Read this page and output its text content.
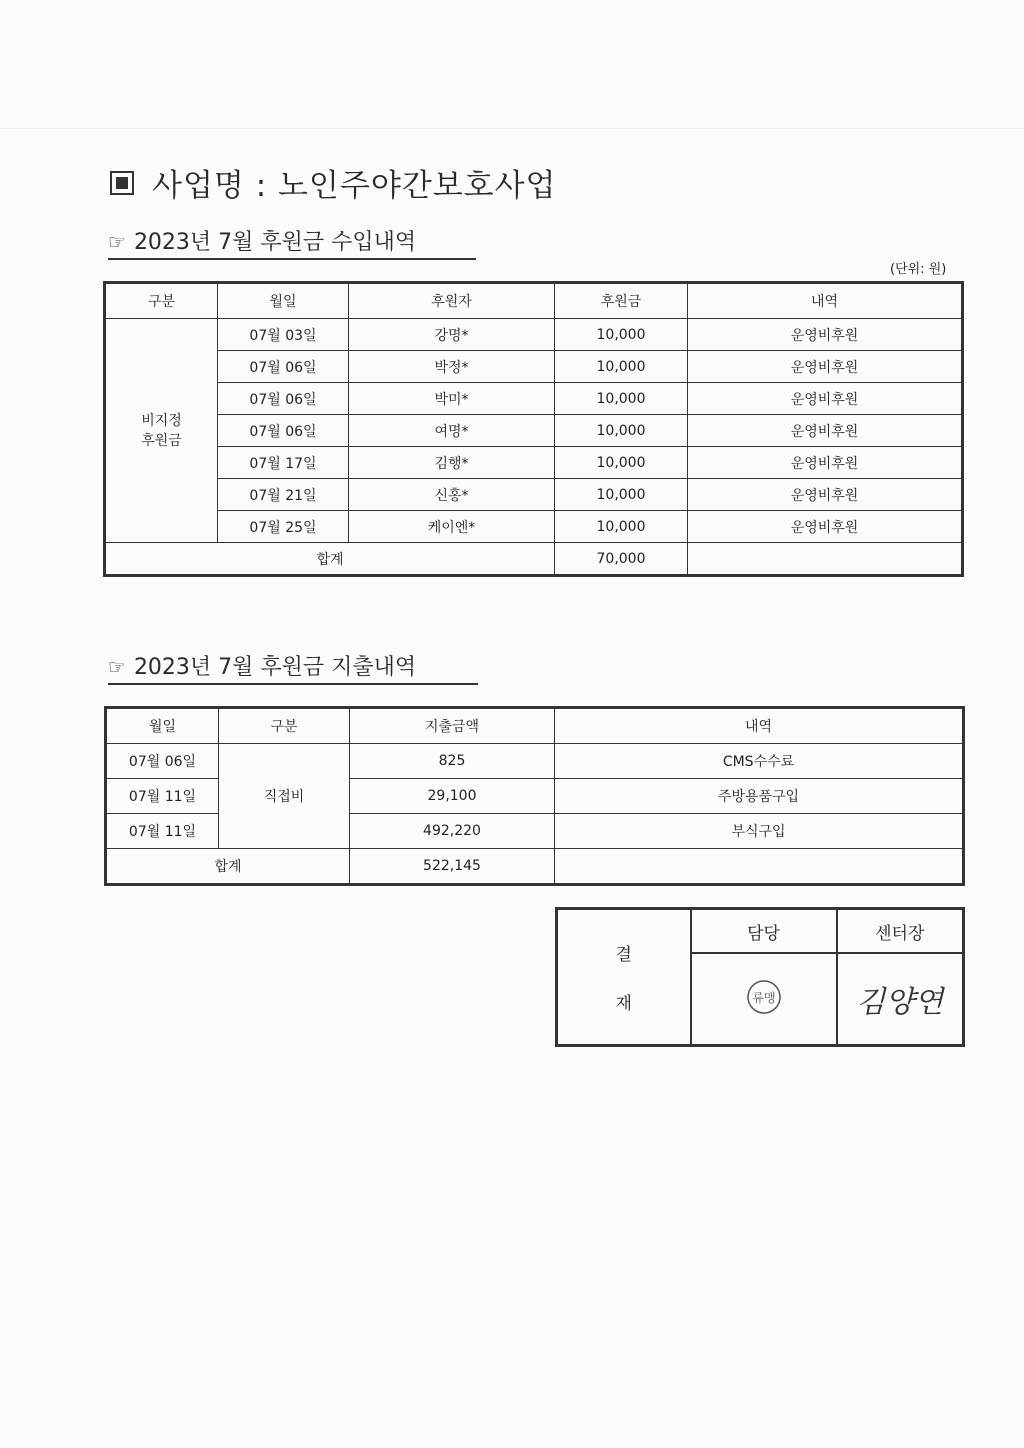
사업명 : 노인주야간보호사업
☞ 2023년 7월 후원금 수입내역
(단위: 원)
구분	월일	후원자	후원금	내역
비지정
후원금	07월 03일	강명*	10,000	운영비후원
	07월 06일	박정*	10,000	운영비후원
	07월 06일	박미*	10,000	운영비후원
	07월 06일	여명*	10,000	운영비후원
	07월 17일	김행*	10,000	운영비후원
	07월 21일	신홍*	10,000	운영비후원
	07월 25일	케이엔*	10,000	운영비후원
합계			70,000	
☞ 2023년 7월 후원금 지출내역
월일	구분	지출금액	내역
07월 06일	직접비	825	CMS수수료
07월 11일		29,100	주방용품구입
07월 11일		492,220	부식구입
합계		522,145	
결
재	담당	센터장

류맹	김양연
